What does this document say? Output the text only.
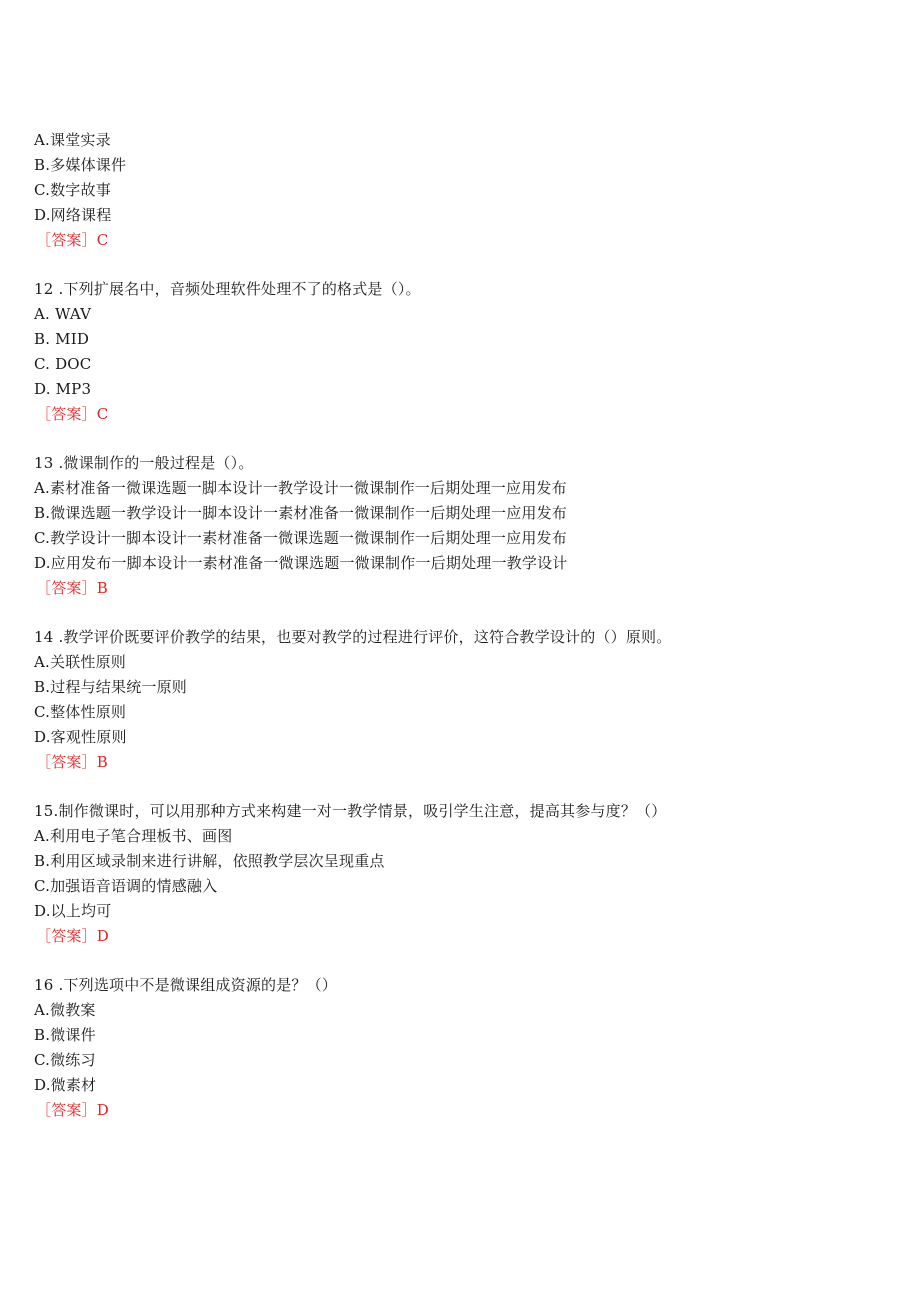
A.课堂实录
B.多媒体课件
C.数字故事
D.网络课程
［答案］C
12 .下列扩展名中，音频处理软件处理不了的格式是（）。
A. WAV
B. MID
C. DOC
D. MP3
［答案］C
13 .微课制作的一般过程是（）。
A.素材准备一微课选题一脚本设计一教学设计一微课制作一后期处理一应用发布
B.微课选题一教学设计一脚本设计一素材准备一微课制作一后期处理一应用发布
C.教学设计一脚本设计一素材准备一微课选题一微课制作一后期处理一应用发布
D.应用发布一脚本设计一素材准备一微课选题一微课制作一后期处理一教学设计
［答案］B
14 .教学评价既要评价教学的结果，也要对教学的过程进行评价，这符合教学设计的（）原则。
A.关联性原则
B.过程与结果统一原则
C.整体性原则
D.客观性原则
［答案］B
15.制作微课时，可以用那种方式来构建一对一教学情景，吸引学生注意，提高其参与度？（）
A.利用电子笔合理板书、画图
B.利用区域录制来进行讲解，依照教学层次呈现重点
C.加强语音语调的情感融入
D.以上均可
［答案］D
16 .下列选项中不是微课组成资源的是？（）
A.微教案
B.微课件
C.微练习
D.微素材
［答案］D
